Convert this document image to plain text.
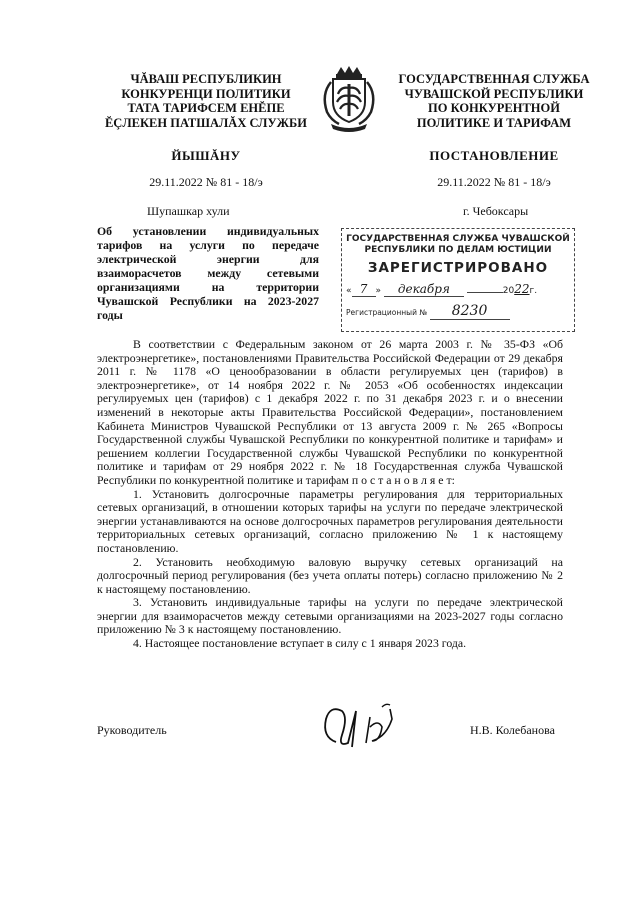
ЧĂВАШ РЕСПУБЛИКИН
КОНКУРЕНЦИ ПОЛИТИКИ
ТАТА ТАРИФСЕМ ЕНĔПЕ
ĔÇЛЕКЕН ПАТШАЛĂХ СЛУЖБИ
ГОСУДАРСТВЕННАЯ СЛУЖБА
ЧУВАШСКОЙ РЕСПУБЛИКИ
ПО КОНКУРЕНТНОЙ
ПОЛИТИКЕ И ТАРИФАМ
ЙЫШĂНУ	ПОСТАНОВЛЕНИЕ
29.11.2022 № 81 - 18/э	29.11.2022 № 81 - 18/э
Шупашкар хули	г. Чебоксары
Об установлении индивидуальных тарифов на услуги по передаче электрической энергии для взаиморасчетов между сетевыми организациями на территории Чувашской Республики на 2023-2027 годы
ГОСУДАРСТВЕННАЯ СЛУЖБА ЧУВАШСКОЙ
РЕСПУБЛИКИ ПО ДЕЛАМ ЮСТИЦИИ
ЗАРЕГИСТРИРОВАНО
« 7 » декабря	2022г.
Регистрационный № 8230

В соответствии с Федеральным законом от 26 марта 2003 г. № 35-ФЗ «Об электроэнергетике», постановлениями Правительства Российской Федерации от 29 декабря 2011 г. № 1178 «О ценообразовании в области регулируемых цен (тарифов) в электроэнергетике», от 14 ноября 2022 г. № 2053 «Об особенностях индексации регулируемых цен (тарифов) с 1 декабря 2022 г. по 31 декабря 2023 г. и о внесении изменений в некоторые акты Правительства Российской Федерации», постановлением Кабинета Министров Чувашской Республики от 13 августа 2009 г. № 265 «Вопросы Государственной службы Чувашской Республики по конкурентной политике и тарифам» и решением коллегии Государственной службы Чувашской Республики по конкурентной политике и тарифам от 29 ноября 2022 г. № 18 Государственная служба Чувашской Республики по конкурентной политике и тарифам п о с т а н о в л я е т:

1. Установить долгосрочные параметры регулирования для территориальных сетевых организаций, в отношении которых тарифы на услуги по передаче электрической энергии устанавливаются на основе долгосрочных параметров регулирования деятельности территориальных сетевых организаций, согласно приложению № 1 к настоящему постановлению.

2. Установить необходимую валовую выручку сетевых организаций на долгосрочный период регулирования (без учета оплаты потерь) согласно приложению № 2 к настоящему постановлению.

3. Установить индивидуальные тарифы на услуги по передаче электрической энергии для взаиморасчетов между сетевыми организациями на 2023-2027 годы согласно приложению № 3 к настоящему постановлению.

4. Настоящее постановление вступает в силу с 1 января 2023 года.

Руководитель	Н.В. Колебанова
